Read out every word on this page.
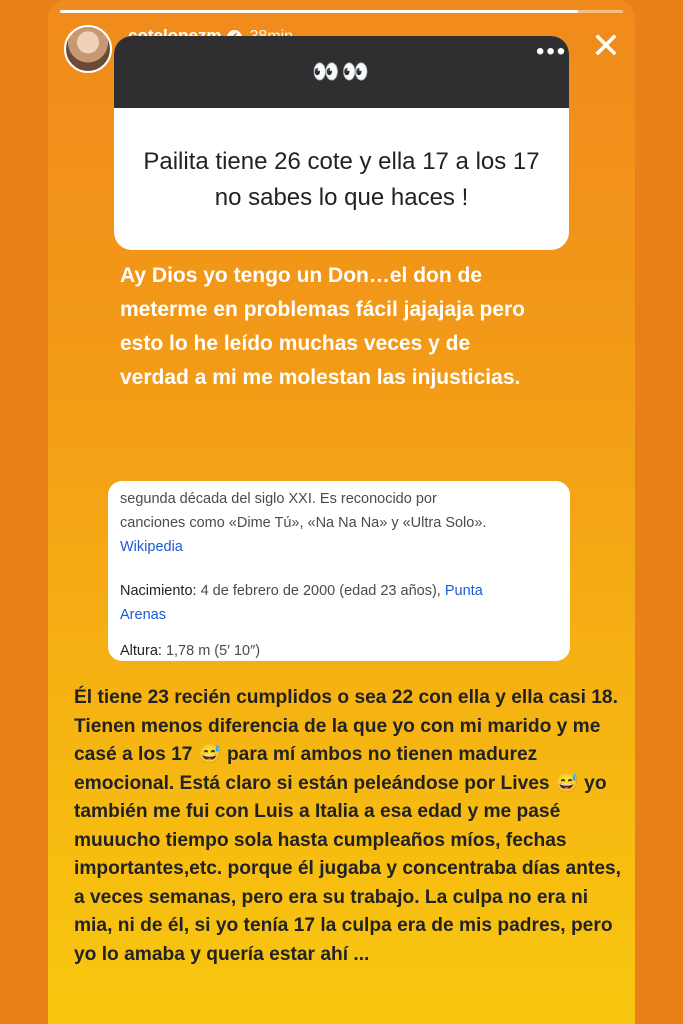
👀👀
Pailita tiene 26 cote y ella 17 a los 17 no sabes lo que haces !
••• ✕
Ay Dios yo tengo un Don…el don de meterme en problemas fácil jajajaja pero esto lo he leído muchas veces y de verdad a mi me molestan las injusticias.

segunda década del siglo XXI. Es reconocido por

canciones como «Dime Tú», «Na Na Na» y «Ultra Solo».

Wikipedia

Nacimiento: 4 de febrero de 2000 (edad 23 años), Punta

Arenas

Altura: 1,78 m (5′ 10″)

Él tiene 23 recién cumplidos o sea 22 con ella y ella casi 18. Tienen menos diferencia de la que yo con mi marido y me casé a los 17 😅 para mí ambos no tienen madurez emocional. Está claro si están peleándose por Lives 😅 yo también me fui con Luis a Italia a esa edad y me pasé muuucho tiempo sola hasta cumpleaños míos, fechas importantes,etc. porque él jugaba y concentraba días antes, a veces semanas, pero era su trabajo. La culpa no era ni mia, ni de él, si yo tenía 17 la culpa era de mis padres, pero yo lo amaba y quería estar ahí ...
